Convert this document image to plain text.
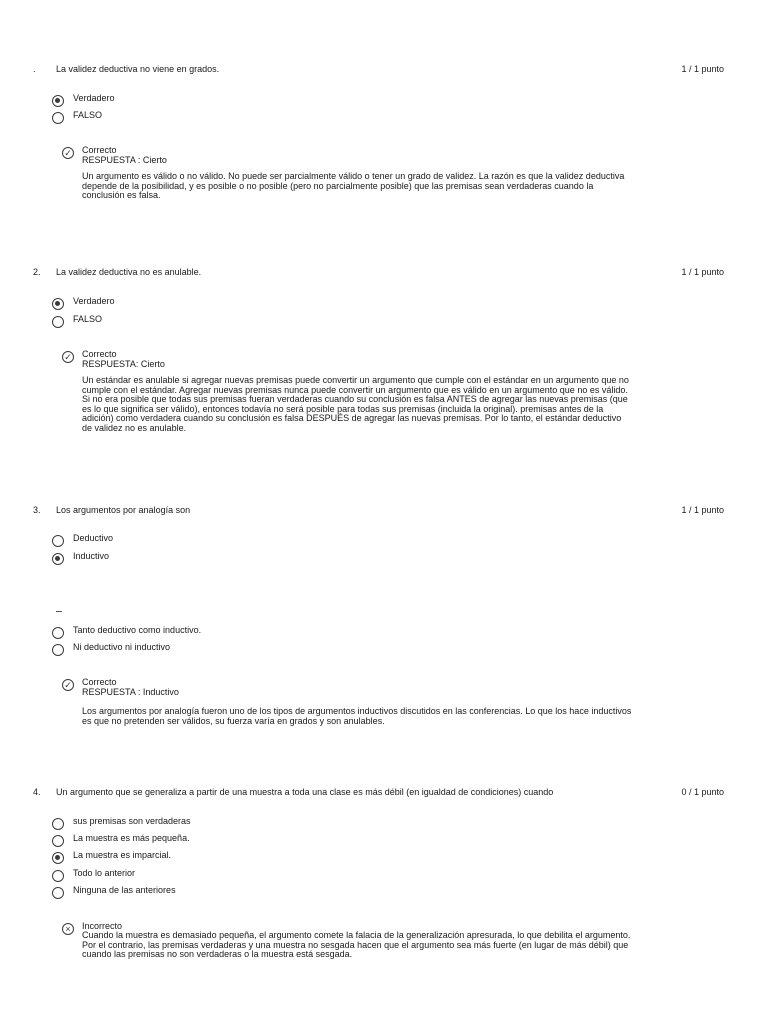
. La validez deductiva no viene en grados.	1 / 1 punto
Verdadero
FALSO
✓ Correcto
RESPUESTA : Cierto
Un argumento es válido o no válido. No puede ser parcialmente válido o tener un grado de validez. La razón es que la validez deductiva depende de la posibilidad, y es posible o no posible (pero no parcialmente posible) que las premisas sean verdaderas cuando la conclusión es falsa.
2. La validez deductiva no es anulable.	1 / 1 punto
Verdadero
FALSO
✓ Correcto
RESPUESTA: Cierto
Un estándar es anulable si agregar nuevas premisas puede convertir un argumento que cumple con el estándar en un argumento que no cumple con el estándar. Agregar nuevas premisas nunca puede convertir un argumento que es válido en un argumento que no es válido. Si no era posible que todas sus premisas fueran verdaderas cuando su conclusión es falsa ANTES de agregar las nuevas premisas (que es lo que significa ser válido), entonces todavía no será posible para todas sus premisas (incluida la original). premisas antes de la adición) como verdadera cuando su conclusión es falsa DESPUÉS de agregar las nuevas premisas. Por lo tanto, el estándar deductivo de validez no es anulable.
3. Los argumentos por analogía son	1 / 1 punto
Deductivo
Inductivo
Tanto deductivo como inductivo.
Ni deductivo ni inductivo
✓ Correcto
RESPUESTA : Inductivo
Los argumentos por analogía fueron uno de los tipos de argumentos inductivos discutidos en las conferencias. Lo que los hace inductivos es que no pretenden ser válidos, su fuerza varía en grados y son anulables.
4. Un argumento que se generaliza a partir de una muestra a toda una clase es más débil (en igualdad de condiciones) cuando	0 / 1 punto
sus premisas son verdaderas
La muestra es más pequeña.
La muestra es imparcial.
Todo lo anterior
Ninguna de las anteriores
×	Incorrecto
Cuando la muestra es demasiado pequeña, el argumento comete la falacia de la generalización apresurada, lo que debilita el argumento. Por el contrario, las premisas verdaderas y una muestra no sesgada hacen que el argumento sea más fuerte (en lugar de más débil) que cuando las premisas no son verdaderas o la muestra está sesgada.
